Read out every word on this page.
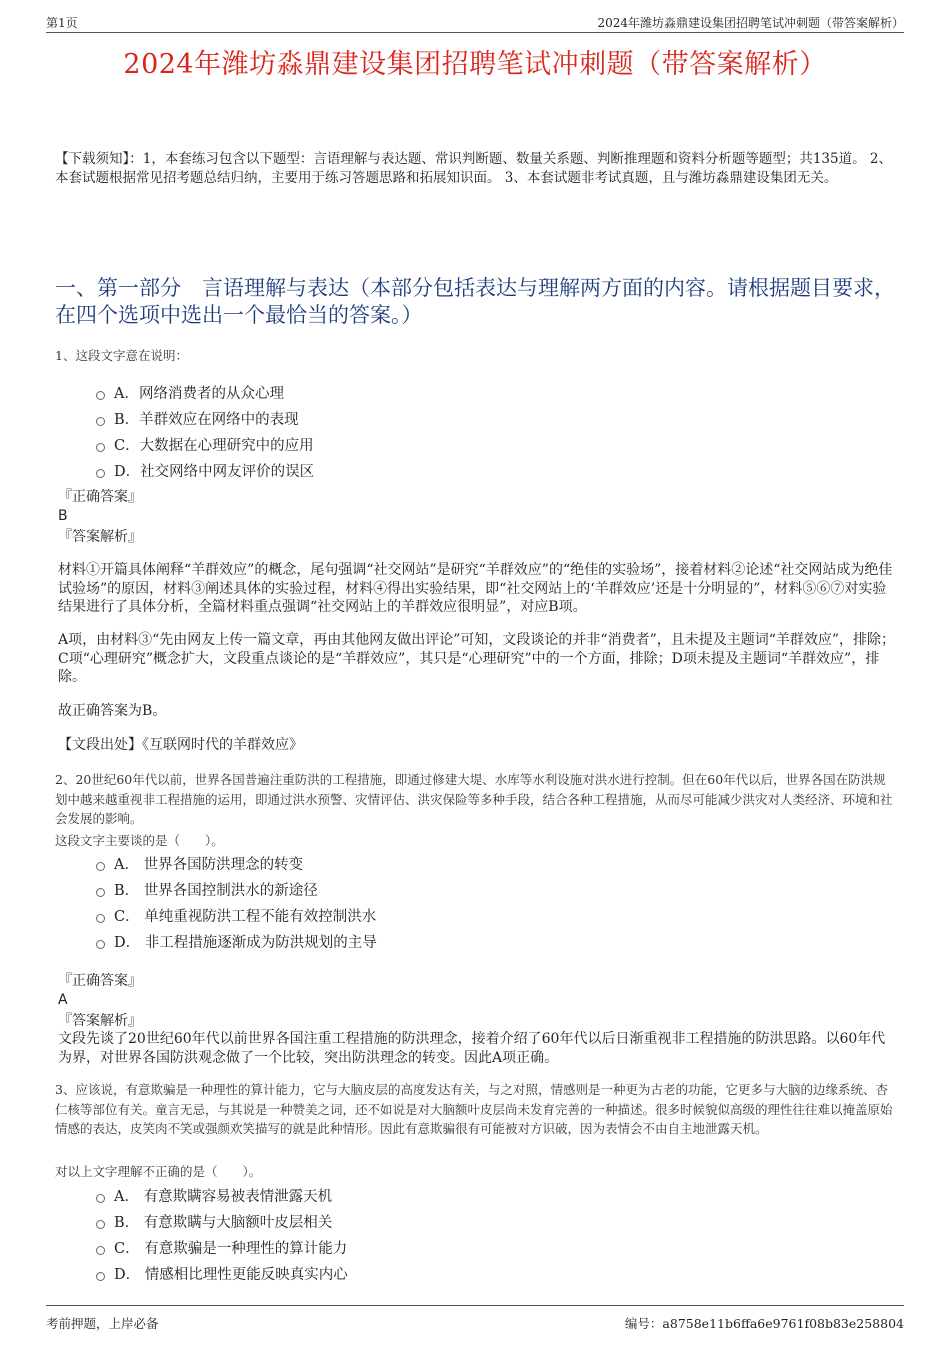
第1页	2024年潍坊淼鼎建设集团招聘笔试冲刺题（带答案解析）
2024年潍坊淼鼎建设集团招聘笔试冲刺题（带答案解析）
【下载须知】：1，本套练习包含以下题型：言语理解与表达题、常识判断题、数量关系题、判断推理题和资料分析题等题型；共135道。 2、本套试题根据常见招考题总结归纳，主要用于练习答题思路和拓展知识面。 3、本套试题非考试真题，且与潍坊淼鼎建设集团无关。
一、第一部分　言语理解与表达（本部分包括表达与理解两方面的内容。请根据题目要求，在四个选项中选出一个最恰当的答案。）
1、这段文字意在说明：
A．网络消费者的从众心理
B．羊群效应在网络中的表现
C．大数据在心理研究中的应用
D．社交网络中网友评价的误区
『正确答案』
B
『答案解析』
材料①开篇具体阐释“羊群效应”的概念，尾句强调“社交网站”是研究“羊群效应”的“绝佳的实验场”，接着材料②论述“社交网站成为绝佳试验场”的原因，材料③阐述具体的实验过程，材料④得出实验结果，即“社交网站上的‘羊群效应’还是十分明显的”，材料⑤⑥⑦对实验结果进行了具体分析，全篇材料重点强调“社交网站上的羊群效应很明显”，对应B项。
A项，由材料③“先由网友上传一篇文章，再由其他网友做出评论”可知，文段谈论的并非“消费者”，且未提及主题词“羊群效应”，排除；C项“心理研究”概念扩大，文段重点谈论的是“羊群效应”，其只是“心理研究”中的一个方面，排除；D项未提及主题词“羊群效应”，排除。
故正确答案为B。
【文段出处】《互联网时代的羊群效应》
2、20世纪60年代以前，世界各国普遍注重防洪的工程措施，即通过修建大堤、水库等水利设施对洪水进行控制。但在60年代以后，世界各国在防洪规划中越来越重视非工程措施的运用，即通过洪水预警、灾情评估、洪灾保险等多种手段，结合各种工程措施，从而尽可能减少洪灾对人类经济、环境和社会发展的影响。
这段文字主要谈的是（　　）。
A． 世界各国防洪理念的转变
B． 世界各国控制洪水的新途径
C． 单纯重视防洪工程不能有效控制洪水
D． 非工程措施逐渐成为防洪规划的主导
『正确答案』
A
『答案解析』
文段先谈了20世纪60年代以前世界各国注重工程措施的防洪理念，接着介绍了60年代以后日渐重视非工程措施的防洪思路。以60年代为界，对世界各国防洪观念做了一个比较，突出防洪理念的转变。因此A项正确。
3、应该说，有意欺骗是一种理性的算计能力，它与大脑皮层的高度发达有关，与之对照，情感则是一种更为古老的功能，它更多与大脑的边缘系统、杏仁核等部位有关。童言无忌，与其说是一种赞美之词，还不如说是对大脑额叶皮层尚未发育完善的一种描述。很多时候貌似高级的理性往往难以掩盖原始情感的表达，皮笑肉不笑或强颜欢笑描写的就是此种情形。因此有意欺骗很有可能被对方识破，因为表情会不由自主地泄露天机。
对以上文字理解不正确的是（　　）。
A． 有意欺瞒容易被表情泄露天机
B． 有意欺瞒与大脑额叶皮层相关
C． 有意欺骗是一种理性的算计能力
D． 情感相比理性更能反映真实内心
考前押题，上岸必备	编号：a8758e11b6ffa6e9761f08b83e258804
